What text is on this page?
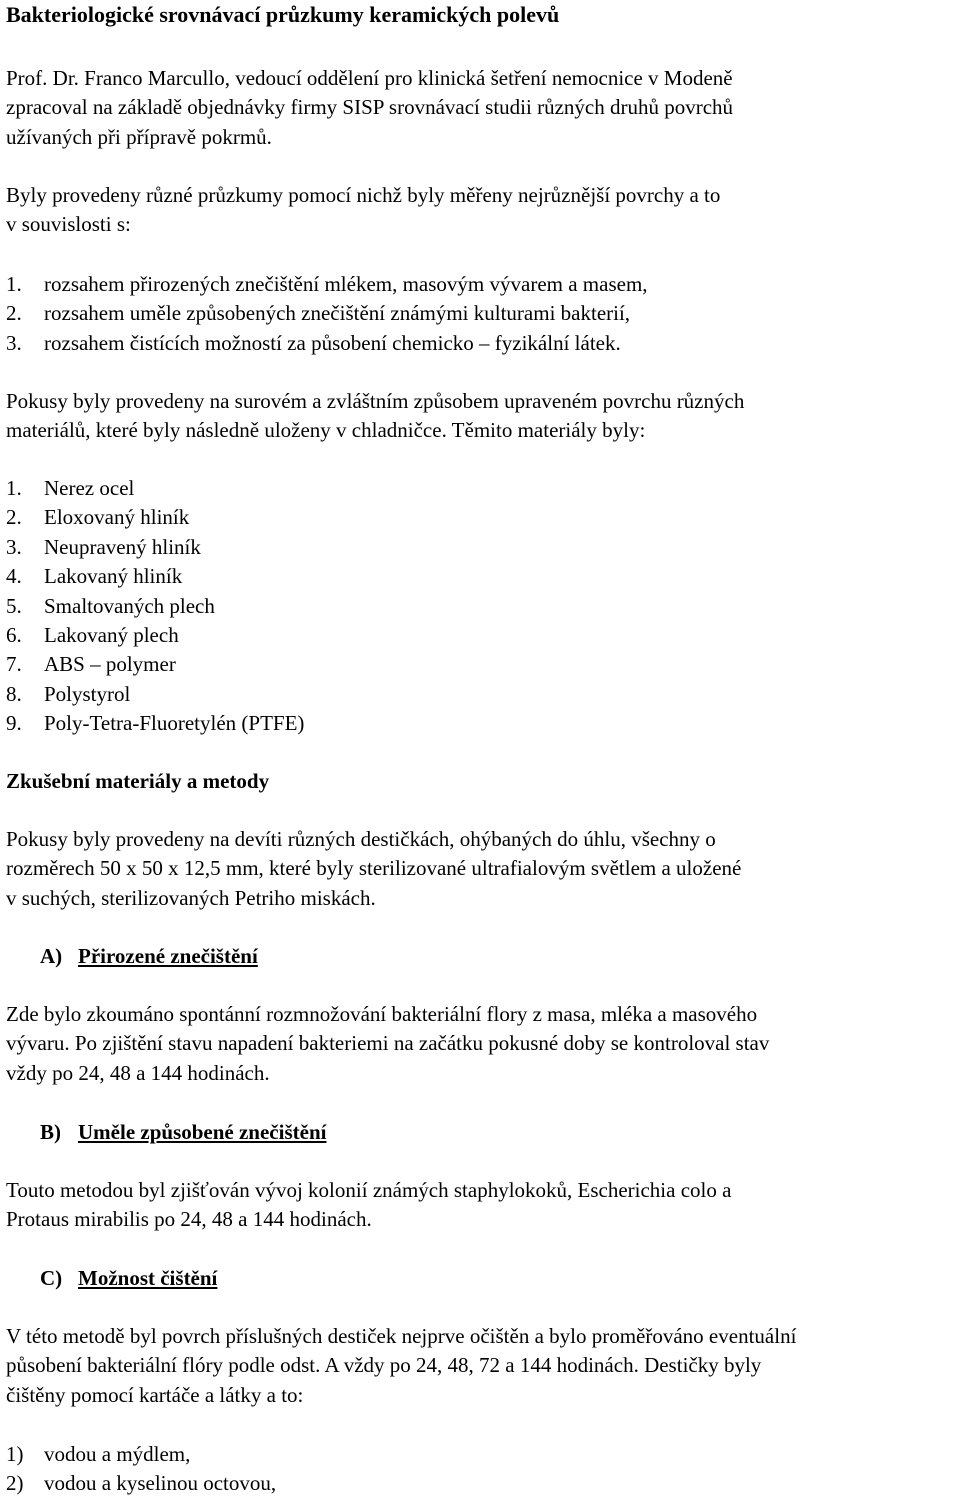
Bakteriologické srovnávací průzkumy keramických polevů
Prof. Dr. Franco Marcullo, vedoucí oddělení pro klinická šetření nemocnice v Modeně
zpracoval na základě objednávky firmy SISP srovnávací studii různých druhů povrchů
užívaných při přípravě pokrmů.
Byly provedeny různé průzkumy pomocí nichž byly měřeny nejrůznější povrchy a to
v souvislosti s:
1. rozsahem přirozených znečištění mlékem, masovým vývarem a masem,
2. rozsahem uměle způsobených znečištění známými kulturami bakterií,
3. rozsahem čistících možností za působení chemicko – fyzikální látek.
Pokusy byly provedeny na surovém a zvláštním způsobem upraveném povrchu různých
materiálů, které byly následně uloženy v chladničce. Těmito materiály byly:
1. Nerez ocel
2. Eloxovaný hliník
3. Neupravený hliník
4. Lakovaný hliník
5. Smaltovaných plech
6. Lakovaný plech
7. ABS – polymer
8. Polystyrol
9. Poly-Tetra-Fluoretylén (PTFE)
Zkušební materiály a metody
Pokusy byly provedeny na devíti různých destičkách, ohýbaných do úhlu, všechny o
rozměrech 50 x 50 x 12,5 mm, které byly sterilizované ultrafialovým světlem a uložené
v suchých, sterilizovaných Petriho miskách.
A) Přirozené znečištění
Zde bylo zkoumáno spontánní rozmnožování bakteriální flory z masa, mléka a masového
vývaru. Po zjištění stavu napadení bakteriemi na začátku pokusné doby se kontroloval stav
vždy po 24, 48 a 144 hodinách.
B) Uměle způsobené znečištění
Touto metodou byl zjišťován vývoj kolonií známých staphylokoků, Escherichia colo a
Protaus mirabilis po 24, 48 a 144 hodinách.
C) Možnost čištění
V této metodě byl povrch příslušných destiček nejprve očištěn a bylo proměřováno eventuální
působení bakteriální flóry podle odst. A vždy po 24, 48, 72 a 144 hodinách. Destičky byly
čištěny pomocí kartáče a látky a to:
1) vodou a mýdlem,
2) vodou a kyselinou octovou,
